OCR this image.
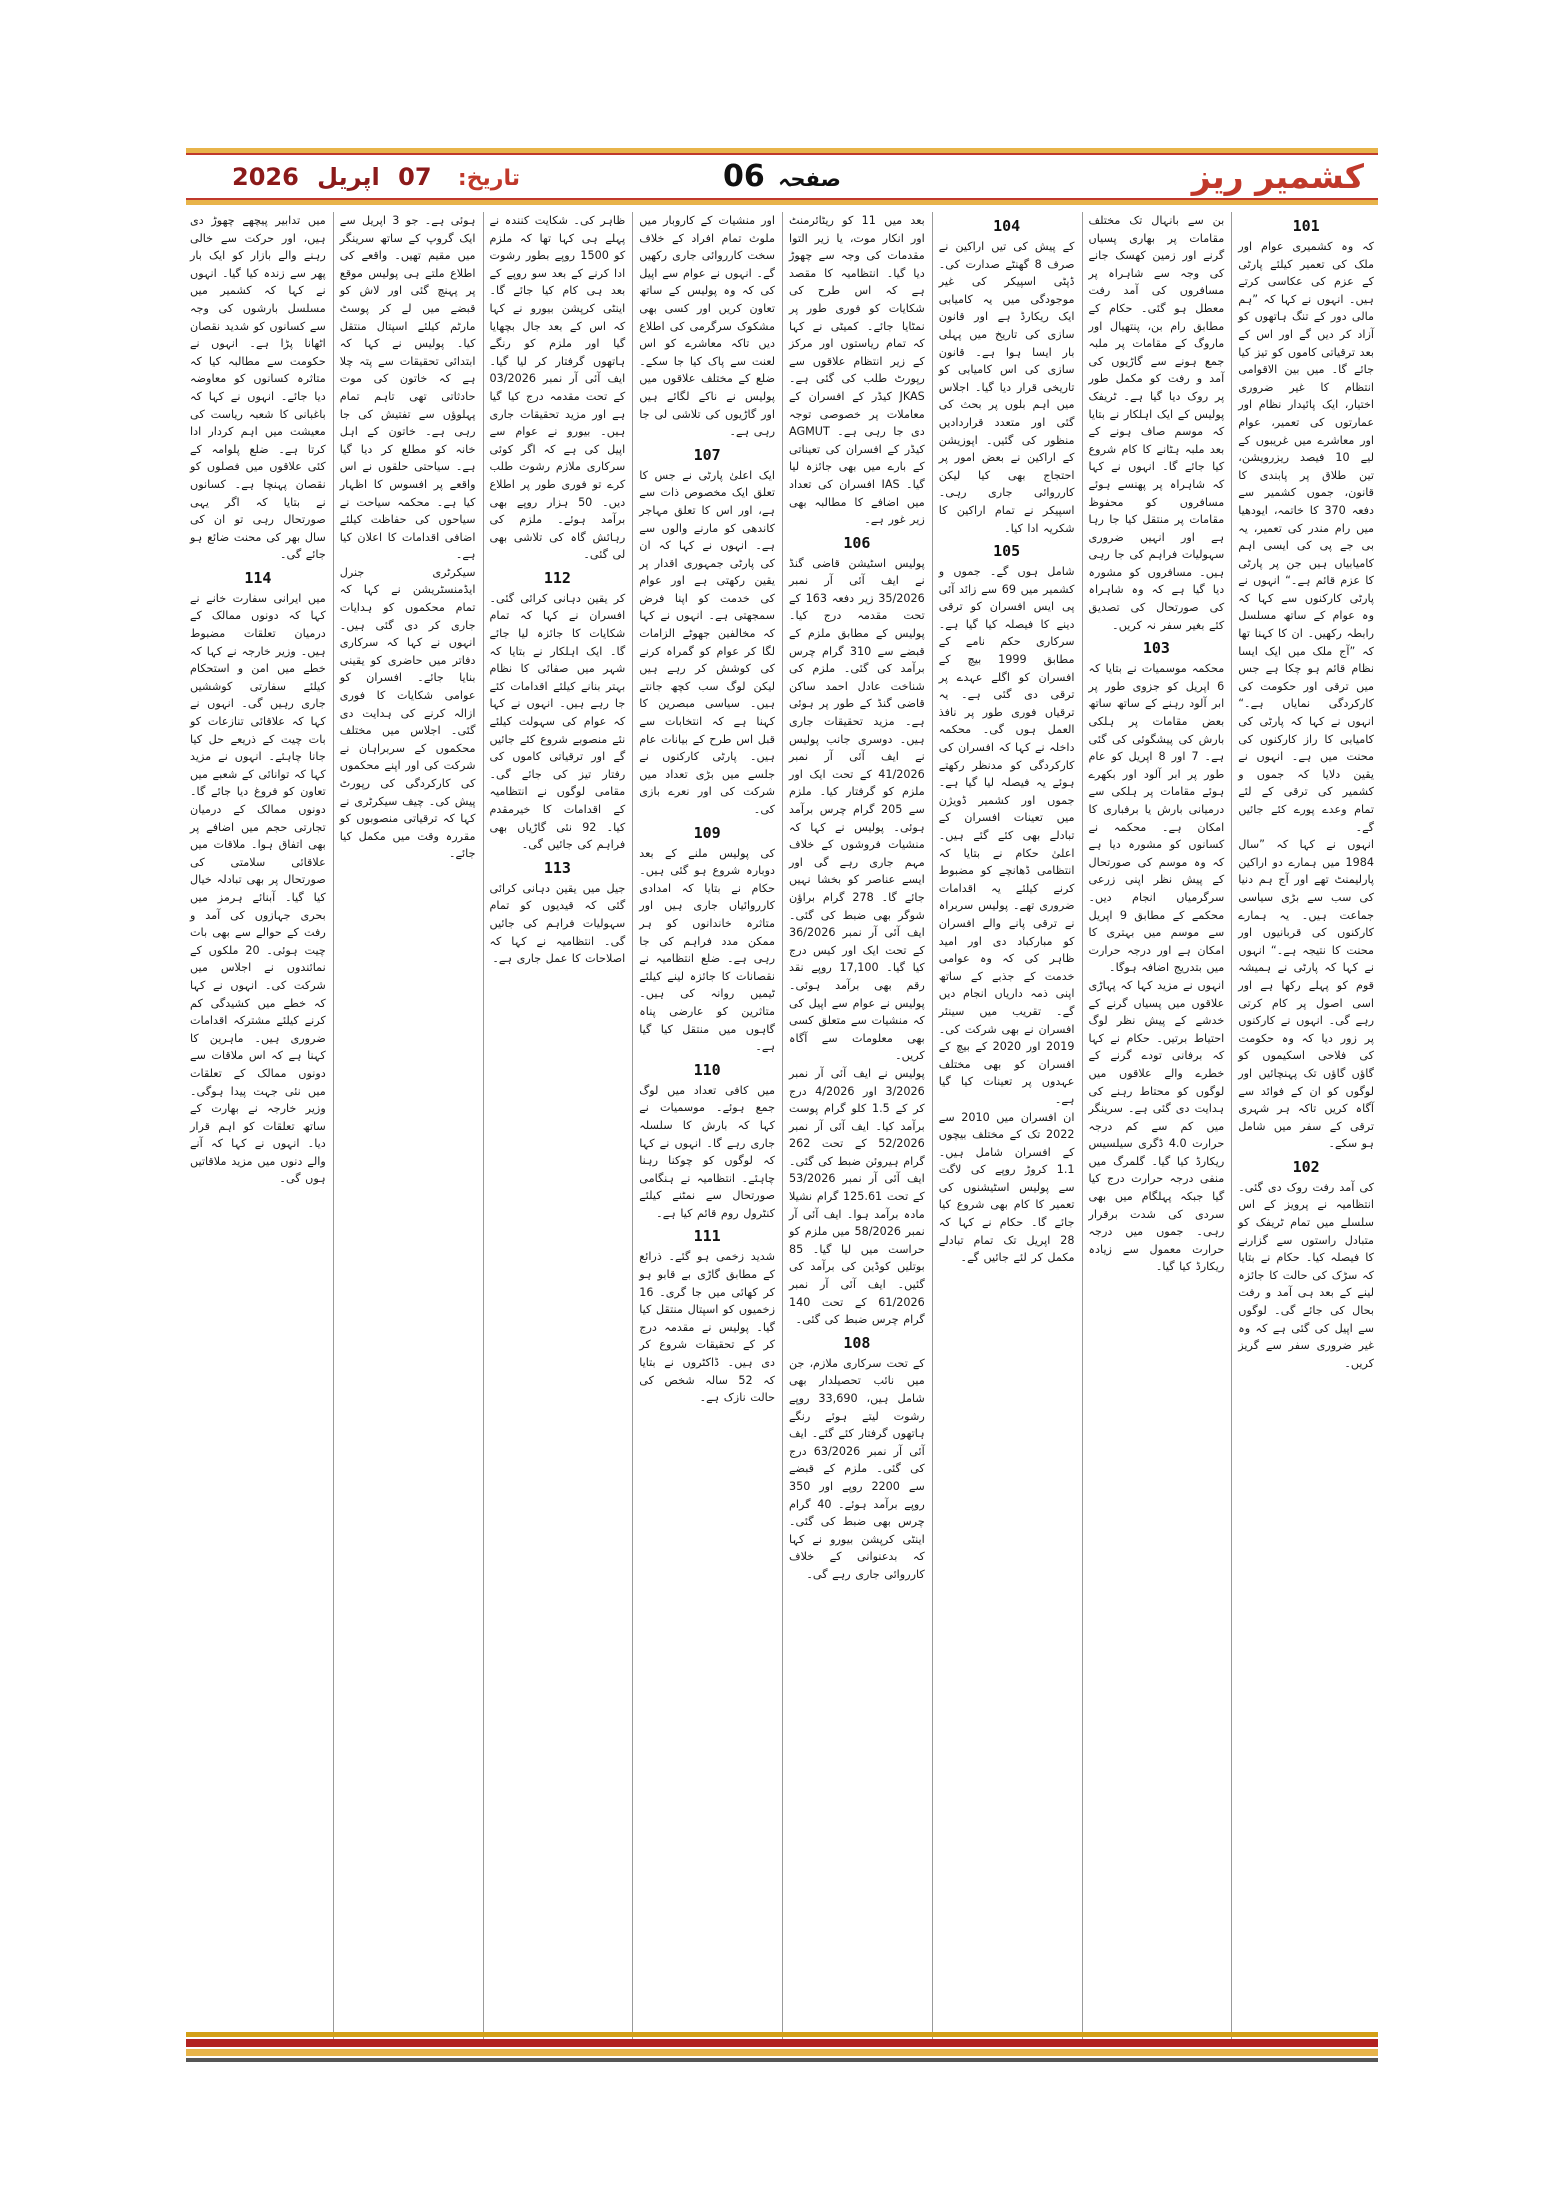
کشمیر ریز
صفحہ 06
تاریخ: 07 اپریل 2026
101

کہ وہ کشمیری عوام اور ملک کی تعمیر کیلئے پارٹی کے عزم کی عکاسی کرتے ہیں۔ انہوں نے کہا کہ ”ہم مالی دور کے تنگ ہاتھوں کو آزاد کر دیں گے اور اس کے بعد ترقیاتی کاموں کو تیز کیا جائے گا۔ میں بین الاقوامی انتظام کا غیر ضروری اختیار، ایک پائیدار نظام اور عمارتوں کی تعمیر، عوام اور معاشرے میں غریبوں کے لیے 10 فیصد ریزرویشن، تین طلاق پر پابندی کا قانون، جموں کشمیر سے دفعہ 370 کا خاتمہ، ایودھیا میں رام مندر کی تعمیر، یہ بی جے پی کی ایسی اہم کامیابیاں ہیں جن پر پارٹی کا عزم قائم ہے۔“ انہوں نے پارٹی کارکنوں سے کہا کہ وہ عوام کے ساتھ مسلسل رابطہ رکھیں۔ ان کا کہنا تھا کہ ”آج ملک میں ایک ایسا نظام قائم ہو چکا ہے جس میں ترقی اور حکومت کی کارکردگی نمایاں ہے۔“ انہوں نے کہا کہ پارٹی کی کامیابی کا راز کارکنوں کی محنت میں ہے۔ انہوں نے یقین دلایا کہ جموں و کشمیر کی ترقی کے لئے تمام وعدے پورے کئے جائیں گے۔

انہوں نے کہا کہ ”سال 1984 میں ہمارے دو اراکین پارلیمنٹ تھے اور آج ہم دنیا کی سب سے بڑی سیاسی جماعت ہیں۔ یہ ہمارے کارکنوں کی قربانیوں اور محنت کا نتیجہ ہے۔“ انہوں نے کہا کہ پارٹی نے ہمیشہ قوم کو پہلے رکھا ہے اور اسی اصول پر کام کرتی رہے گی۔ انہوں نے کارکنوں پر زور دیا کہ وہ حکومت کی فلاحی اسکیموں کو گاؤں گاؤں تک پہنچائیں اور لوگوں کو ان کے فوائد سے آگاہ کریں تاکہ ہر شہری ترقی کے سفر میں شامل ہو سکے۔

102

کی آمد رفت روک دی گئی۔ انتظامیہ نے پرویز کے اس سلسلے میں تمام ٹریفک کو متبادل راستوں سے گزارنے کا فیصلہ کیا۔ حکام نے بتایا کہ سڑک کی حالت کا جائزہ لینے کے بعد ہی آمد و رفت بحال کی جائے گی۔ لوگوں سے اپیل کی گئی ہے کہ وہ غیر ضروری سفر سے گریز کریں۔

بن سے بانہال تک مختلف مقامات پر بھاری پسیاں گرنے اور زمین کھسک جانے کی وجہ سے شاہراہ پر مسافروں کی آمد رفت معطل ہو گئی۔ حکام کے مطابق رام بن، پنتھیال اور ماروگ کے مقامات پر ملبہ جمع ہونے سے گاڑیوں کی آمد و رفت کو مکمل طور پر روک دیا گیا ہے۔ ٹریفک پولیس کے ایک اہلکار نے بتایا کہ موسم صاف ہونے کے بعد ملبہ ہٹانے کا کام شروع کیا جائے گا۔ انہوں نے کہا کہ شاہراہ پر پھنسے ہوئے مسافروں کو محفوظ مقامات پر منتقل کیا جا رہا ہے اور انہیں ضروری سہولیات فراہم کی جا رہی ہیں۔ مسافروں کو مشورہ دیا گیا ہے کہ وہ شاہراہ کی صورتحال کی تصدیق کئے بغیر سفر نہ کریں۔

103

محکمہ موسمیات نے بتایا کہ 6 اپریل کو جزوی طور پر ابر آلود رہنے کے ساتھ ساتھ بعض مقامات پر ہلکی بارش کی پیشگوئی کی گئی ہے۔ 7 اور 8 اپریل کو عام طور پر ابر آلود اور بکھرے ہوئے مقامات پر ہلکی سے درمیانی بارش یا برفباری کا امکان ہے۔ محکمہ نے کسانوں کو مشورہ دیا ہے کہ وہ موسم کی صورتحال کے پیش نظر اپنی زرعی سرگرمیاں انجام دیں۔ محکمے کے مطابق 9 اپریل سے موسم میں بہتری کا امکان ہے اور درجہ حرارت میں بتدریج اضافہ ہوگا۔

انہوں نے مزید کہا کہ پہاڑی علاقوں میں پسیاں گرنے کے خدشے کے پیش نظر لوگ احتیاط برتیں۔ حکام نے کہا کہ برفانی تودے گرنے کے خطرے والے علاقوں میں لوگوں کو محتاط رہنے کی ہدایت دی گئی ہے۔ سرینگر میں کم سے کم درجہ حرارت 4.0 ڈگری سیلسیس ریکارڈ کیا گیا۔ گلمرگ میں منفی درجہ حرارت درج کیا گیا جبکہ پہلگام میں بھی سردی کی شدت برقرار رہی۔ جموں میں درجہ حرارت معمول سے زیادہ ریکارڈ کیا گیا۔

104

کے پیش کی تیں اراکین نے صرف 8 گھنٹے صدارت کی۔ ڈپٹی اسپیکر کی غیر موجودگی میں یہ کامیابی ایک ریکارڈ ہے اور قانون سازی کی تاریخ میں پہلی بار ایسا ہوا ہے۔ قانون سازی کی اس کامیابی کو تاریخی قرار دیا گیا۔ اجلاس میں اہم بلوں پر بحث کی گئی اور متعدد قراردادیں منظور کی گئیں۔ اپوزیشن کے اراکین نے بعض امور پر احتجاج بھی کیا لیکن کارروائی جاری رہی۔ اسپیکر نے تمام اراکین کا شکریہ ادا کیا۔

105

شامل ہوں گے۔ جموں و کشمیر میں 69 سے زائد آئی پی ایس افسران کو ترقی دینے کا فیصلہ کیا گیا ہے۔ سرکاری حکم نامے کے مطابق 1999 بیچ کے افسران کو اگلے عہدے پر ترقی دی گئی ہے۔ یہ ترقیاں فوری طور پر نافذ العمل ہوں گی۔ محکمہ داخلہ نے کہا کہ افسران کی کارکردگی کو مدنظر رکھتے ہوئے یہ فیصلہ لیا گیا ہے۔ جموں اور کشمیر ڈویژن میں تعینات افسران کے تبادلے بھی کئے گئے ہیں۔ اعلیٰ حکام نے بتایا کہ انتظامی ڈھانچے کو مضبوط کرنے کیلئے یہ اقدامات ضروری تھے۔ پولیس سربراہ نے ترقی پانے والے افسران کو مبارکباد دی اور امید ظاہر کی کہ وہ عوامی خدمت کے جذبے کے ساتھ اپنی ذمہ داریاں انجام دیں گے۔ تقریب میں سینئر افسران نے بھی شرکت کی۔ 2019 اور 2020 کے بیچ کے افسران کو بھی مختلف عہدوں پر تعینات کیا گیا ہے۔

ان افسران میں 2010 سے 2022 تک کے مختلف بیچوں کے افسران شامل ہیں۔ 1.1 کروڑ روپے کی لاگت سے پولیس اسٹیشنوں کی تعمیر کا کام بھی شروع کیا جائے گا۔ حکام نے کہا کہ 28 اپریل تک تمام تبادلے مکمل کر لئے جائیں گے۔

بعد میں 11 کو ریٹائرمنٹ اور انکار موت، یا زیر التوا مقدمات کی وجہ سے چھوڑ دیا گیا۔ انتظامیہ کا مقصد ہے کہ اس طرح کی شکایات کو فوری طور پر نمٹایا جائے۔ کمیٹی نے کہا کہ تمام ریاستوں اور مرکز کے زیر انتظام علاقوں سے رپورٹ طلب کی گئی ہے۔ JKAS کیڈر کے افسران کے معاملات پر خصوصی توجہ دی جا رہی ہے۔ AGMUT کیڈر کے افسران کی تعیناتی کے بارے میں بھی جائزہ لیا گیا۔ IAS افسران کی تعداد میں اضافے کا مطالبہ بھی زیر غور ہے۔

106

پولیس اسٹیشن قاضی گنڈ نے ایف آئی آر نمبر 35/2026 زیر دفعہ 163 کے تحت مقدمہ درج کیا۔ پولیس کے مطابق ملزم کے قبضے سے 310 گرام چرس برآمد کی گئی۔ ملزم کی شناخت عادل احمد ساکن قاضی گنڈ کے طور پر ہوئی ہے۔ مزید تحقیقات جاری ہیں۔ دوسری جانب پولیس نے ایف آئی آر نمبر 41/2026 کے تحت ایک اور ملزم کو گرفتار کیا۔ ملزم سے 205 گرام چرس برآمد ہوئی۔ پولیس نے کہا کہ منشیات فروشوں کے خلاف مہم جاری رہے گی اور ایسے عناصر کو بخشا نہیں جائے گا۔ 278 گرام براؤن شوگر بھی ضبط کی گئی۔ ایف آئی آر نمبر 36/2026 کے تحت ایک اور کیس درج کیا گیا۔ 17,100 روپے نقد رقم بھی برآمد ہوئی۔ پولیس نے عوام سے اپیل کی کہ منشیات سے متعلق کسی بھی معلومات سے آگاہ کریں۔

پولیس نے ایف آئی آر نمبر 3/2026 اور 4/2026 درج کر کے 1.5 کلو گرام پوست برآمد کیا۔ ایف آئی آر نمبر 52/2026 کے تحت 262 گرام ہیروئن ضبط کی گئی۔ ایف آئی آر نمبر 53/2026 کے تحت 125.61 گرام نشیلا مادہ برآمد ہوا۔ ایف آئی آر نمبر 58/2026 میں ملزم کو حراست میں لیا گیا۔ 85 بوتلیں کوڈین کی برآمد کی گئیں۔ ایف آئی آر نمبر 61/2026 کے تحت 140 گرام چرس ضبط کی گئی۔

108

کے تحت سرکاری ملازم، جن میں نائب تحصیلدار بھی شامل ہیں، 33,690 روپے رشوت لیتے ہوئے رنگے ہاتھوں گرفتار کئے گئے۔ ایف آئی آر نمبر 63/2026 درج کی گئی۔ ملزم کے قبضے سے 2200 روپے اور 350 روپے برآمد ہوئے۔ 40 گرام چرس بھی ضبط کی گئی۔ اینٹی کرپشن بیورو نے کہا کہ بدعنوانی کے خلاف کارروائی جاری رہے گی۔

اور منشیات کے کاروبار میں ملوث تمام افراد کے خلاف سخت کارروائی جاری رکھیں گے۔ انہوں نے عوام سے اپیل کی کہ وہ پولیس کے ساتھ تعاون کریں اور کسی بھی مشکوک سرگرمی کی اطلاع دیں تاکہ معاشرے کو اس لعنت سے پاک کیا جا سکے۔ ضلع کے مختلف علاقوں میں پولیس نے ناکے لگائے ہیں اور گاڑیوں کی تلاشی لی جا رہی ہے۔

107

ایک اعلیٰ پارٹی نے جس کا تعلق ایک مخصوص ذات سے ہے، اور اس کا تعلق مہاجر کاندھی کو مارنے والوں سے ہے۔ انہوں نے کہا کہ ان کی پارٹی جمہوری اقدار پر یقین رکھتی ہے اور عوام کی خدمت کو اپنا فرض سمجھتی ہے۔ انہوں نے کہا کہ مخالفین جھوٹے الزامات لگا کر عوام کو گمراہ کرنے کی کوشش کر رہے ہیں لیکن لوگ سب کچھ جانتے ہیں۔ سیاسی مبصرین کا کہنا ہے کہ انتخابات سے قبل اس طرح کے بیانات عام ہیں۔ پارٹی کارکنوں نے جلسے میں بڑی تعداد میں شرکت کی اور نعرے بازی کی۔

109

کی پولیس ملنے کے بعد دوبارہ شروع ہو گئی ہیں۔ حکام نے بتایا کہ امدادی کارروائیاں جاری ہیں اور متاثرہ خاندانوں کو ہر ممکن مدد فراہم کی جا رہی ہے۔ ضلع انتظامیہ نے نقصانات کا جائزہ لینے کیلئے ٹیمیں روانہ کی ہیں۔ متاثرین کو عارضی پناہ گاہوں میں منتقل کیا گیا ہے۔

110

میں کافی تعداد میں لوگ جمع ہوئے۔ موسمیات نے کہا کہ بارش کا سلسلہ جاری رہے گا۔ انہوں نے کہا کہ لوگوں کو چوکنا رہنا چاہئے۔ انتظامیہ نے ہنگامی صورتحال سے نمٹنے کیلئے کنٹرول روم قائم کیا ہے۔

111

شدید زخمی ہو گئے۔ ذرائع کے مطابق گاڑی بے قابو ہو کر کھائی میں جا گری۔ 16 زخمیوں کو اسپتال منتقل کیا گیا۔ پولیس نے مقدمہ درج کر کے تحقیقات شروع کر دی ہیں۔ ڈاکٹروں نے بتایا کہ 52 سالہ شخص کی حالت نازک ہے۔

ظاہر کی۔ شکایت کنندہ نے پہلے ہی کہا تھا کہ ملزم کو 1500 روپے بطور رشوت ادا کرنے کے بعد سو روپے کے بعد ہی کام کیا جائے گا۔ اینٹی کرپشن بیورو نے کہا کہ اس کے بعد جال بچھایا گیا اور ملزم کو رنگے ہاتھوں گرفتار کر لیا گیا۔ ایف آئی آر نمبر 03/2026 کے تحت مقدمہ درج کیا گیا ہے اور مزید تحقیقات جاری ہیں۔ بیورو نے عوام سے اپیل کی ہے کہ اگر کوئی سرکاری ملازم رشوت طلب کرے تو فوری طور پر اطلاع دیں۔ 50 ہزار روپے بھی برآمد ہوئے۔ ملزم کی رہائش گاہ کی تلاشی بھی لی گئی۔

112

کر یقین دہانی کرائی گئی۔ افسران نے کہا کہ تمام شکایات کا جائزہ لیا جائے گا۔ ایک اہلکار نے بتایا کہ شہر میں صفائی کا نظام بہتر بنانے کیلئے اقدامات کئے جا رہے ہیں۔ انہوں نے کہا کہ عوام کی سہولت کیلئے نئے منصوبے شروع کئے جائیں گے اور ترقیاتی کاموں کی رفتار تیز کی جائے گی۔ مقامی لوگوں نے انتظامیہ کے اقدامات کا خیرمقدم کیا۔ 92 نئی گاڑیاں بھی فراہم کی جائیں گی۔

113

جیل میں یقین دہانی کرائی گئی کہ قیدیوں کو تمام سہولیات فراہم کی جائیں گی۔ انتظامیہ نے کہا کہ اصلاحات کا عمل جاری ہے۔

ہوئی ہے۔ جو 3 اپریل سے ایک گروپ کے ساتھ سرینگر میں مقیم تھیں۔ واقعے کی اطلاع ملتے ہی پولیس موقع پر پہنچ گئی اور لاش کو قبضے میں لے کر پوسٹ مارٹم کیلئے اسپتال منتقل کیا۔ پولیس نے کہا کہ ابتدائی تحقیقات سے پتہ چلا ہے کہ خاتون کی موت حادثاتی تھی تاہم تمام پہلوؤں سے تفتیش کی جا رہی ہے۔ خاتون کے اہل خانہ کو مطلع کر دیا گیا ہے۔ سیاحتی حلقوں نے اس واقعے پر افسوس کا اظہار کیا ہے۔ محکمہ سیاحت نے سیاحوں کی حفاظت کیلئے اضافی اقدامات کا اعلان کیا ہے۔

سیکرٹری جنرل ایڈمنسٹریشن نے کہا کہ تمام محکموں کو ہدایات جاری کر دی گئی ہیں۔ انہوں نے کہا کہ سرکاری دفاتر میں حاضری کو یقینی بنایا جائے۔ افسران کو عوامی شکایات کا فوری ازالہ کرنے کی ہدایت دی گئی۔ اجلاس میں مختلف محکموں کے سربراہان نے شرکت کی اور اپنے محکموں کی کارکردگی کی رپورٹ پیش کی۔ چیف سیکرٹری نے کہا کہ ترقیاتی منصوبوں کو مقررہ وقت میں مکمل کیا جائے۔

میں تدابیر پیچھے چھوڑ دی ہیں، اور حرکت سے خالی رہنے والے بازار کو ایک بار پھر سے زندہ کیا گیا۔ انہوں نے کہا کہ کشمیر میں مسلسل بارشوں کی وجہ سے کسانوں کو شدید نقصان اٹھانا پڑا ہے۔ انہوں نے حکومت سے مطالبہ کیا کہ متاثرہ کسانوں کو معاوضہ دیا جائے۔ انہوں نے کہا کہ باغبانی کا شعبہ ریاست کی معیشت میں اہم کردار ادا کرتا ہے۔ ضلع پلوامہ کے کئی علاقوں میں فصلوں کو نقصان پہنچا ہے۔ کسانوں نے بتایا کہ اگر یہی صورتحال رہی تو ان کی سال بھر کی محنت ضائع ہو جائے گی۔

114

میں ایرانی سفارت خانے نے کہا کہ دونوں ممالک کے درمیان تعلقات مضبوط ہیں۔ وزیر خارجہ نے کہا کہ خطے میں امن و استحکام کیلئے سفارتی کوششیں جاری رہیں گی۔ انہوں نے کہا کہ علاقائی تنازعات کو بات چیت کے ذریعے حل کیا جانا چاہئے۔ انہوں نے مزید کہا کہ توانائی کے شعبے میں تعاون کو فروغ دیا جائے گا۔ دونوں ممالک کے درمیان تجارتی حجم میں اضافے پر بھی اتفاق ہوا۔ ملاقات میں علاقائی سلامتی کی صورتحال پر بھی تبادلہ خیال کیا گیا۔ آبنائے ہرمز میں بحری جہازوں کی آمد و رفت کے حوالے سے بھی بات چیت ہوئی۔ 20 ملکوں کے نمائندوں نے اجلاس میں شرکت کی۔ انہوں نے کہا کہ خطے میں کشیدگی کم کرنے کیلئے مشترکہ اقدامات ضروری ہیں۔ ماہرین کا کہنا ہے کہ اس ملاقات سے دونوں ممالک کے تعلقات میں نئی جہت پیدا ہوگی۔ وزیر خارجہ نے بھارت کے ساتھ تعلقات کو اہم قرار دیا۔ انہوں نے کہا کہ آنے والے دنوں میں مزید ملاقاتیں ہوں گی۔
